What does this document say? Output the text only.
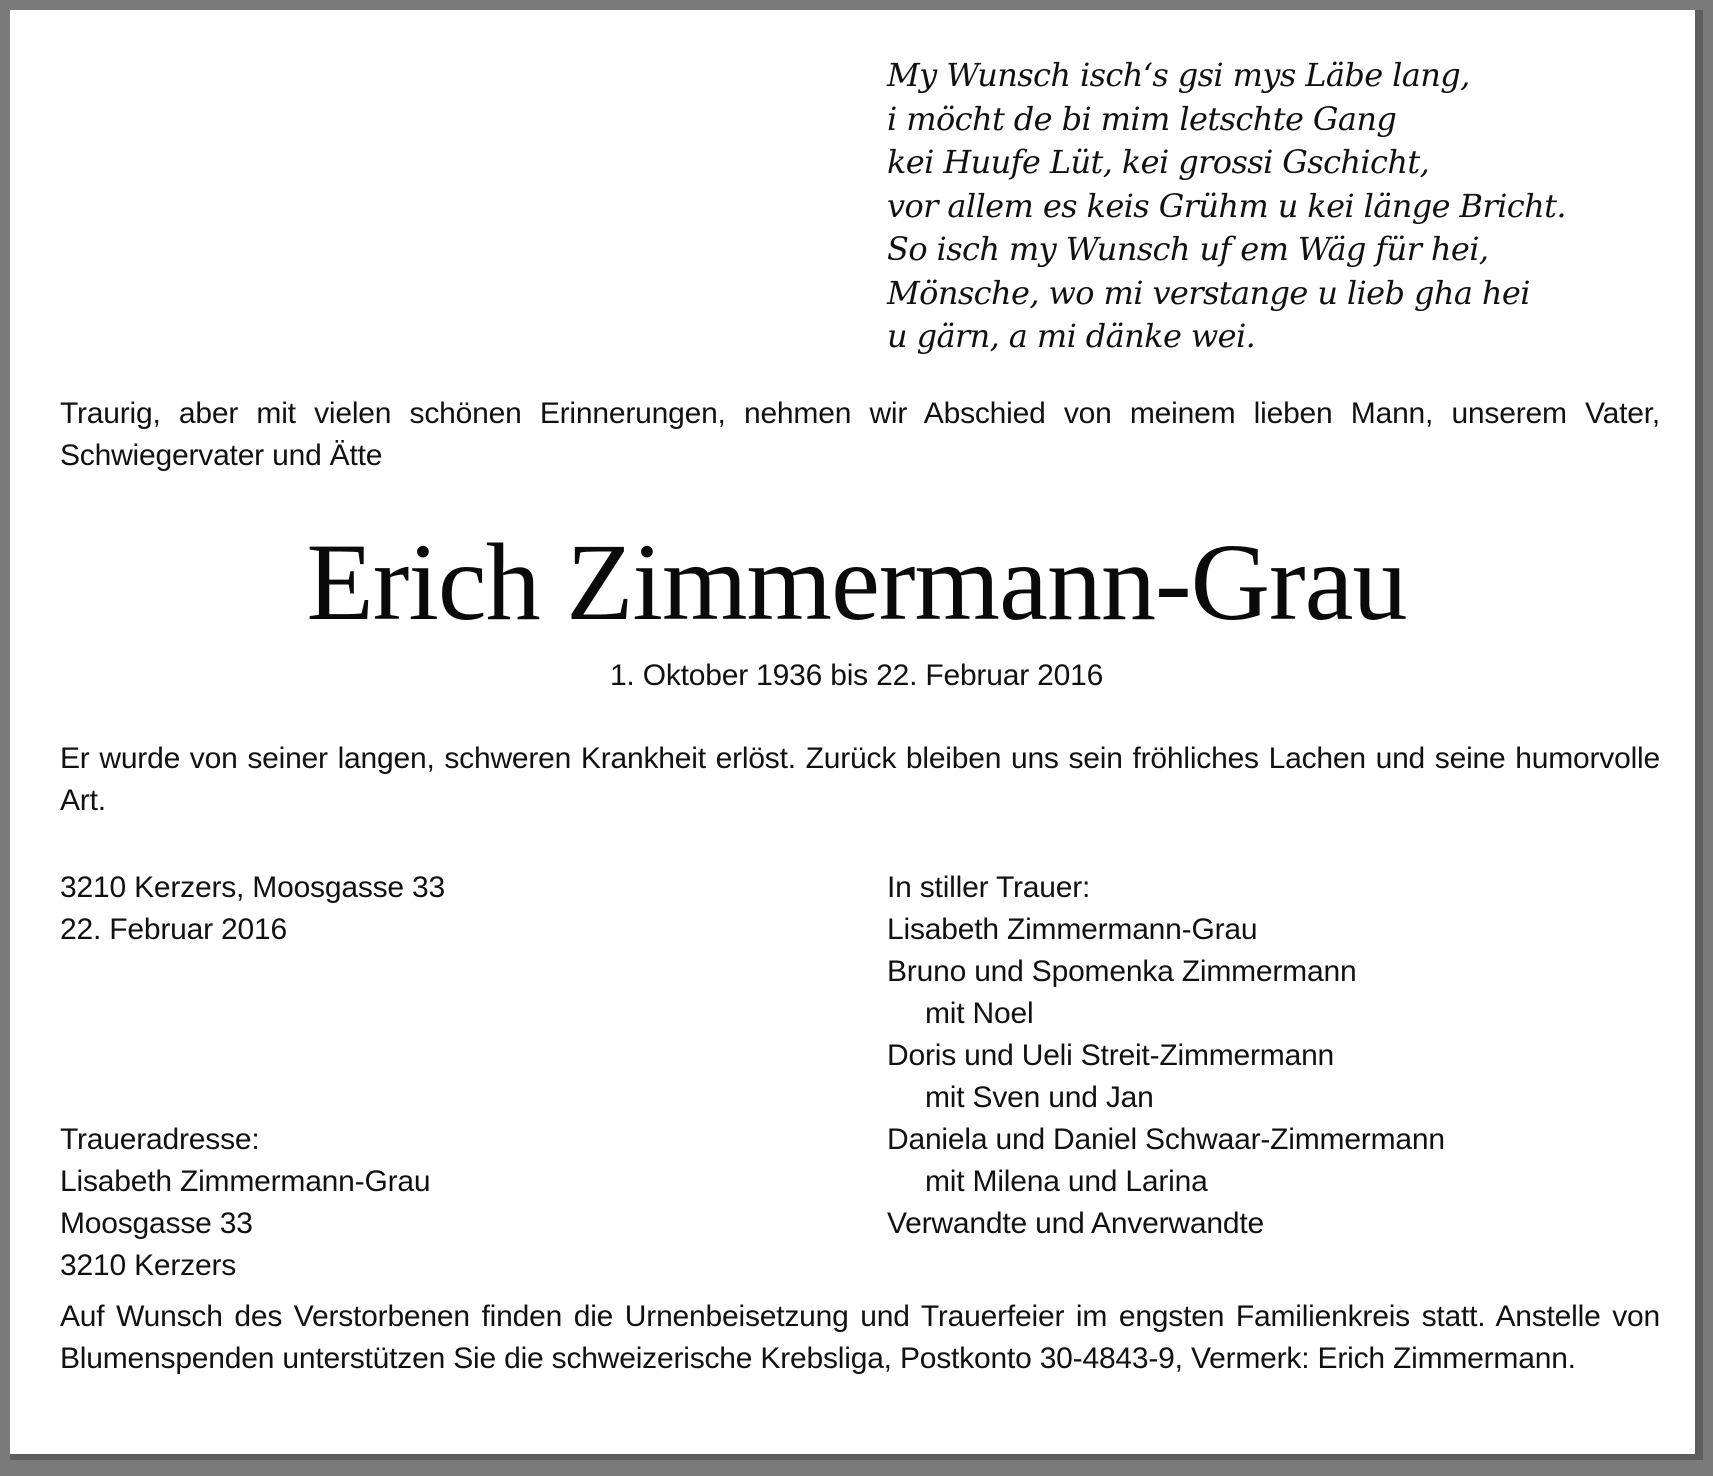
My Wunsch isch‘s gsi mys Läbe lang,
i möcht de bi mim letschte Gang
kei Huufe Lüt, kei grossi Gschicht,
vor allem es keis Grühm u kei länge Bricht.
So isch my Wunsch uf em Wäg für hei,
Mönsche, wo mi verstange u lieb gha hei
u gärn, a mi dänke wei.
Traurig, aber mit vielen schönen Erinnerungen, nehmen wir Abschied von meinem lieben Mann, unserem Vater, Schwiegervater und Ätte
Erich Zimmermann-Grau
1. Oktober 1936 bis 22. Februar 2016
Er wurde von seiner langen, schweren Krankheit erlöst. Zurück bleiben uns sein fröhliches Lachen und seine humorvolle Art.
3210 Kerzers, Moosgasse 33
22. Februar 2016
Traueradresse:
Lisabeth Zimmermann-Grau
Moosgasse 33
3210 Kerzers
In stiller Trauer:
Lisabeth Zimmermann-Grau
Bruno und Spomenka Zimmermann
mit Noel
Doris und Ueli Streit-Zimmermann
mit Sven und Jan
Daniela und Daniel Schwaar-Zimmermann
mit Milena und Larina
Verwandte und Anverwandte
Auf Wunsch des Verstorbenen finden die Urnenbeisetzung und Trauerfeier im engsten Familienkreis statt. Anstelle von Blumenspenden unterstützen Sie die schweizerische Krebsliga, Postkonto 30-4843-9, Vermerk: Erich Zimmermann.
